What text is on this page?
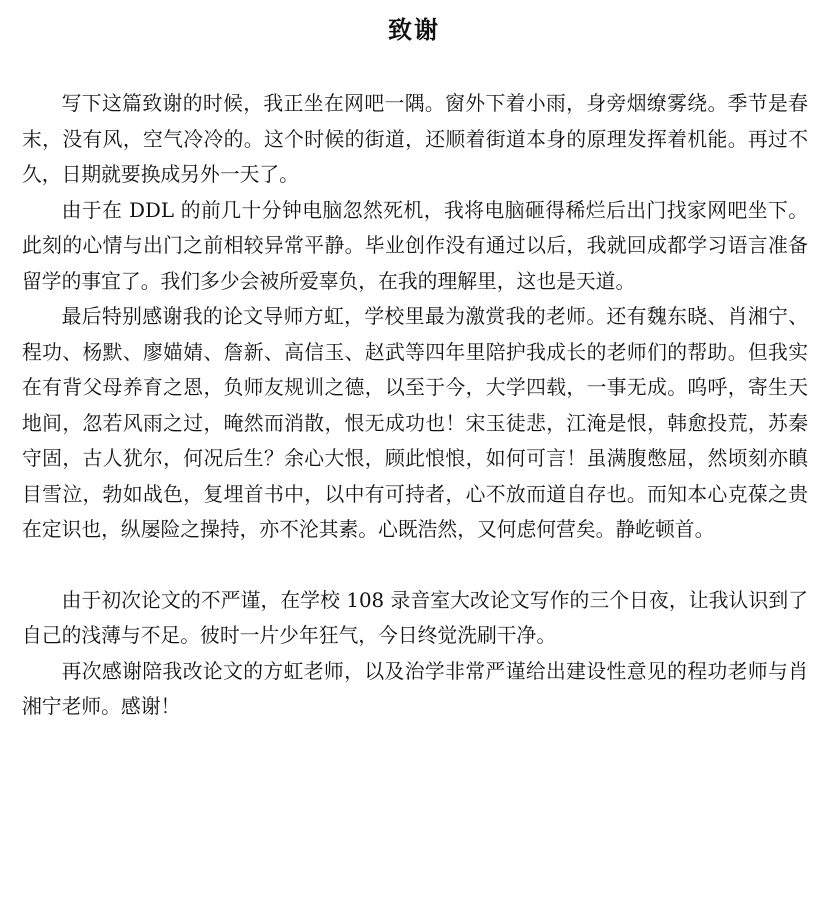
致谢

写下这篇致谢的时候，我正坐在网吧一隅。窗外下着小雨，身旁烟缭雾绕。季节是春末，没有风，空气冷冷的。这个时候的街道，还顺着街道本身的原理发挥着机能。再过不久，日期就要换成另外一天了。

由于在 DDL 的前几十分钟电脑忽然死机，我将电脑砸得稀烂后出门找家网吧坐下。此刻的心情与出门之前相较异常平静。毕业创作没有通过以后，我就回成都学习语言准备留学的事宜了。我们多少会被所爱辜负，在我的理解里，这也是天道。

最后特别感谢我的论文导师方虹，学校里最为激赏我的老师。还有魏东晓、肖湘宁、程功、杨默、廖媌婧、詹新、高信玉、赵武等四年里陪护我成长的老师们的帮助。但我实在有背父母养育之恩，负师友规训之德，以至于今，大学四载，一事无成。呜呼，寄生天地间，忽若风雨之过，晻然而消散，恨无成功也！宋玉徒悲，江淹是恨，韩愈投荒，苏秦守固，古人犹尔，何况后生？余心大恨，顾此悢悢，如何可言！虽满腹憋屈，然顷刻亦瞋目雪泣，勃如战色，复埋首书中，以中有可持者，心不放而道自存也。而知本心克葆之贵在定识也，纵屡险之操持，亦不沦其素。心既浩然，又何虑何营矣。静屹顿首。

由于初次论文的不严谨，在学校 108 录音室大改论文写作的三个日夜，让我认识到了自己的浅薄与不足。彼时一片少年狂气，今日终觉洗刷干净。

再次感谢陪我改论文的方虹老师，以及治学非常严谨给出建设性意见的程功老师与肖湘宁老师。感谢！
